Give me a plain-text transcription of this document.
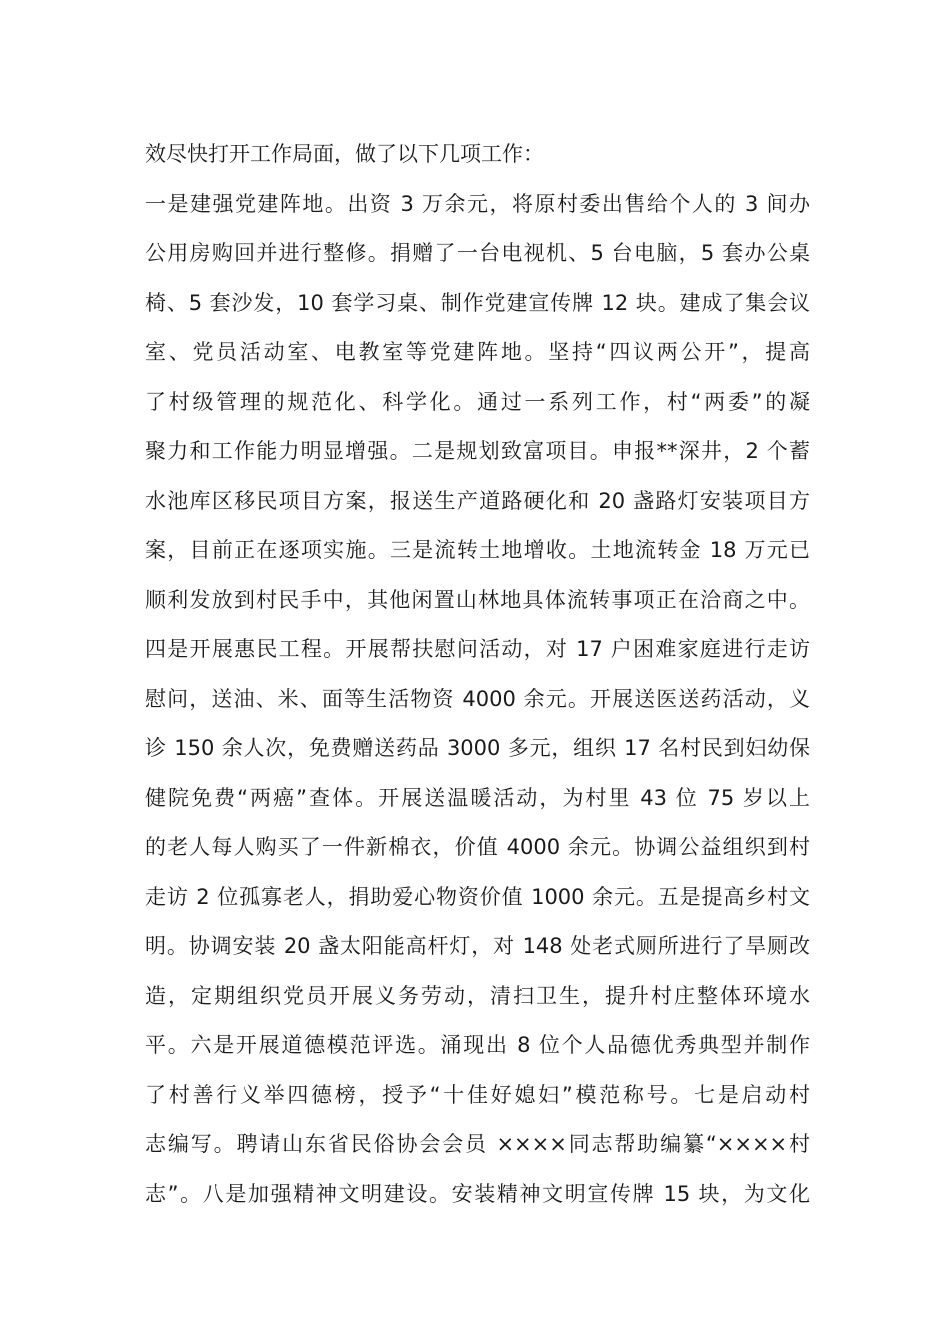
效尽快打开工作局面，做了以下几项工作：
一是建强党建阵地。出资 3 万余元，将原村委出售给个人的 3 间办
公用房购回并进行整修。捐赠了一台电视机、5 台电脑，5 套办公桌
椅、5 套沙发，10 套学习桌、制作党建宣传牌 12 块。建成了集会议
室、党员活动室、电教室等党建阵地。坚持“四议两公开”，提高
了村级管理的规范化、科学化。通过一系列工作，村“两委”的凝
聚力和工作能力明显增强。二是规划致富项目。申报**深井，2 个蓄
水池库区移民项目方案，报送生产道路硬化和 20 盏路灯安装项目方
案，目前正在逐项实施。三是流转土地增收。土地流转金 18 万元已
顺利发放到村民手中，其他闲置山林地具体流转事项正在洽商之中。
四是开展惠民工程。开展帮扶慰问活动，对 17 户困难家庭进行走访
慰问，送油、米、面等生活物资 4000 余元。开展送医送药活动，义
诊 150 余人次，免费赠送药品 3000 多元，组织 17 名村民到妇幼保
健院免费“两癌”查体。开展送温暖活动，为村里 43 位 75 岁以上
的老人每人购买了一件新棉衣，价值 4000 余元。协调公益组织到村
走访 2 位孤寡老人，捐助爱心物资价值 1000 余元。五是提高乡村文
明。协调安装 20 盏太阳能高杆灯，对 148 处老式厕所进行了旱厕改
造，定期组织党员开展义务劳动，清扫卫生，提升村庄整体环境水
平。六是开展道德模范评选。涌现出 8 位个人品德优秀典型并制作
了村善行义举四德榜，授予“十佳好媳妇”模范称号。七是启动村
志编写。聘请山东省民俗协会会员 ××××同志帮助编纂“××××村
志”。八是加强精神文明建设。安装精神文明宣传牌 15 块，为文化
